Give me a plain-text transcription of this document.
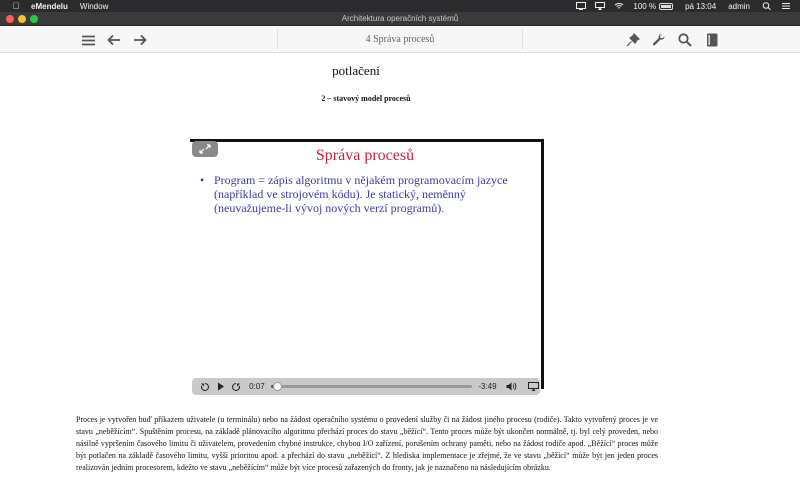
eMendelu Window	100 %	pá 13:04 admin
Architektura operačních systémů
4 Správa procesů
potlačení
2 – stavový model procesů
Správa procesů
• Program = zápis algoritmu v nějakém programovacím jazyce (například ve strojovém kódu). Je statický, neměnný (neuvažujeme-li vývoj nových verzí programů).
0:07	-3:49
Proces je vytvořen buď příkazem uživatele (u terminálu) nebo na žádost operačního systému o provedení služby či na žádost jiného procesu (rodiče). Takto vytvořený proces je ve stavu „neběžícím“. Spuštěním procesu, na základě plánovacího algoritmu přechází proces do stavu „běžící“. Tento proces může být ukončen normálně, tj. byl celý proveden, nebo násilně vypršením časového limitu či uživatelem, provedením chybné instrukce, chybou I/O zařízení, porušením ochrany paměti, nebo na žádost rodiče apod. „Běžící“ proces může být potlačen na základě časového limitu, vyšší prioritou apod. a přechází do stavu „neběžící“. Z hlediska implementace je zřejmé, že ve stavu „běžící“ může být jen jeden proces realizován jedním procesorem, kdežto ve stavu „neběžícím“ může být více procesů zařazených do fronty, jak je naznačeno na následujícím obrázku.
